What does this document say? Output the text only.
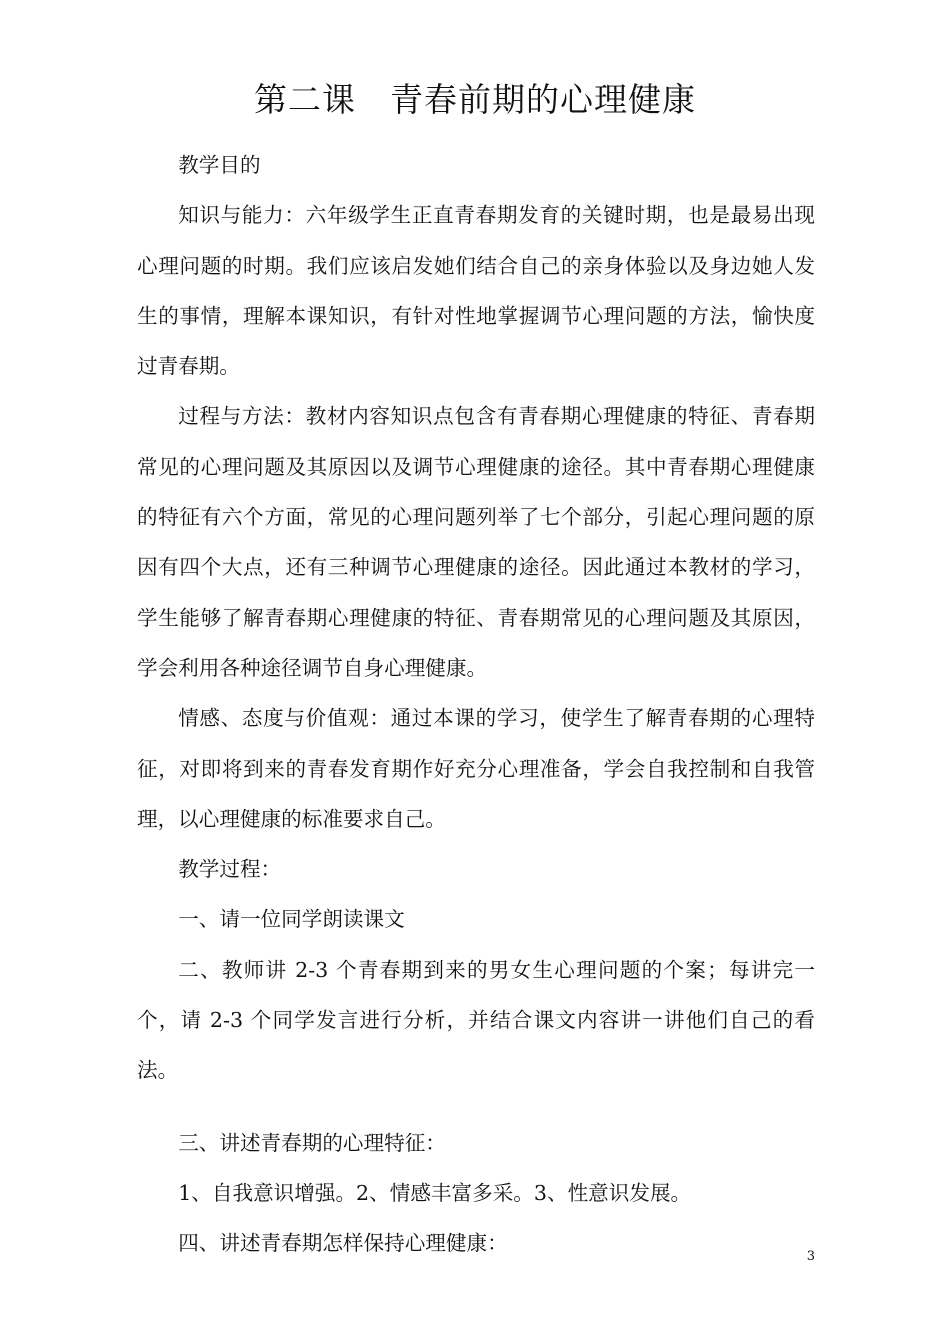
第二课　青春前期的心理健康

教学目的

知识与能力：六年级学生正直青春期发育的关键时期，也是最易出现心理问题的时期。我们应该启发她们结合自己的亲身体验以及身边她人发生的事情，理解本课知识，有针对性地掌握调节心理问题的方法，愉快度过青春期。

过程与方法：教材内容知识点包含有青春期心理健康的特征、青春期常见的心理问题及其原因以及调节心理健康的途径。其中青春期心理健康的特征有六个方面，常见的心理问题列举了七个部分，引起心理问题的原因有四个大点，还有三种调节心理健康的途径。因此通过本教材的学习，学生能够了解青春期心理健康的特征、青春期常见的心理问题及其原因，学会利用各种途径调节自身心理健康。

情感、态度与价值观：通过本课的学习，使学生了解青春期的心理特征，对即将到来的青春发育期作好充分心理准备，学会自我控制和自我管理，以心理健康的标准要求自己。

教学过程：

一、请一位同学朗读课文

二、教师讲 2-3 个青春期到来的男女生心理问题的个案；每讲完一个，请 2-3 个同学发言进行分析，并结合课文内容讲一讲他们自己的看法。

三、讲述青春期的心理特征：

1、自我意识增强。2、情感丰富多采。3、性意识发展。

四、讲述青春期怎样保持心理健康：

3
